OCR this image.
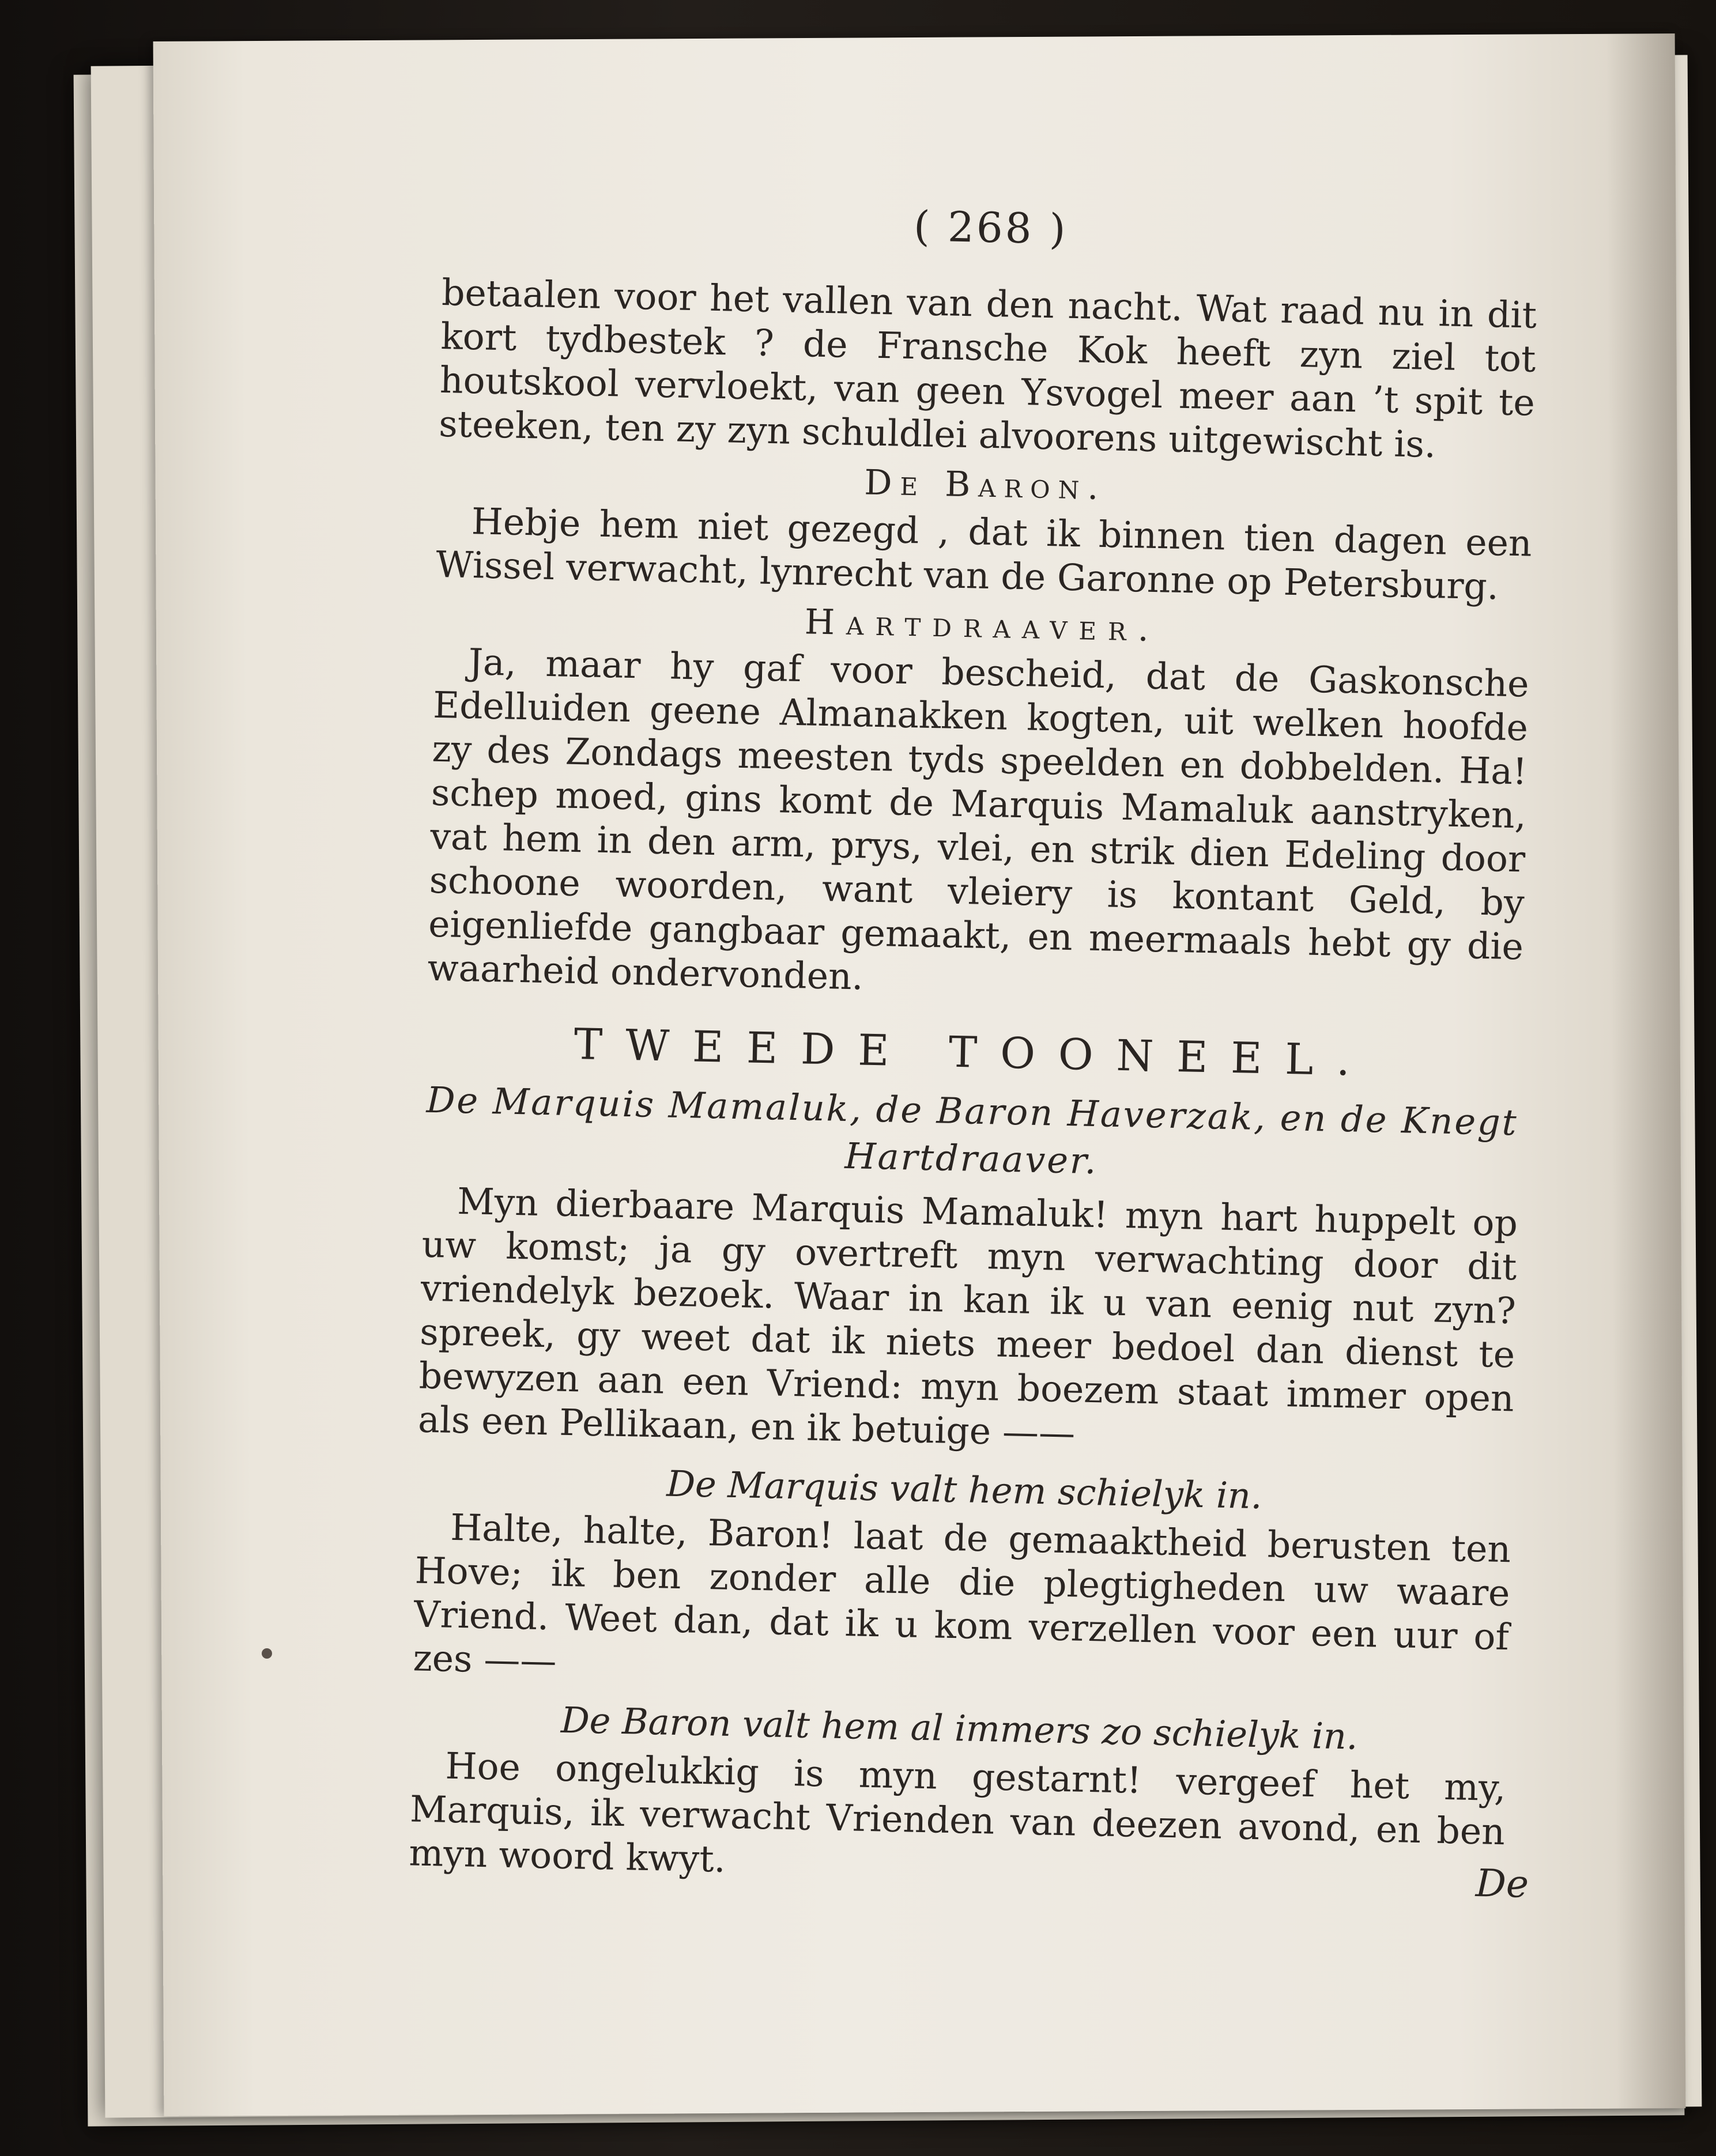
( 268 )
betaalen voor het vallen van den nacht. Wat raad nu in dit kort tydbestek ? de Fransche Kok heeft zyn ziel tot houtskool vervloekt, van geen Ysvogel meer aan ’t spit te steeken, ten zy zyn schuldlei alvoorens uitgewischt is.
De Baron.
Hebje hem niet gezegd , dat ik binnen tien dagen een Wissel verwacht, lynrecht van de Garonne op Petersburg.
Hartdraaver.
Ja, maar hy gaf voor bescheid, dat de Gaskonsche Edelluiden geene Almanakken kogten, uit welken hoofde zy des Zondags meesten tyds speelden en dobbelden. Ha! schep moed, gins komt de Marquis Mamaluk aanstryken, vat hem in den arm, prys, vlei, en strik dien Edeling door schoone woorden, want vleiery is kontant Geld, by eigenliefde gangbaar gemaakt, en meermaals hebt gy die waarheid ondervonden.
TWEEDE TOONEEL.
De Marquis Mamaluk, de Baron Haverzak, en de Knegt Hartdraaver.
Myn dierbaare Marquis Mamaluk! myn hart huppelt op uw komst; ja gy overtreft myn verwachting door dit vriendelyk bezoek. Waar in kan ik u van eenig nut zyn? spreek, gy weet dat ik niets meer bedoel dan dienst te bewyzen aan een Vriend: myn boezem staat immer open als een Pellikaan, en ik betuige ——
De Marquis valt hem schielyk in.
Halte, halte, Baron! laat de gemaaktheid berusten ten Hove; ik ben zonder alle die plegtigheden uw waare Vriend. Weet dan, dat ik u kom verzellen voor een uur of zes ——
De Baron valt hem al immers zo schielyk in.
Hoe ongelukkig is myn gestarnt! vergeef het my, Marquis, ik verwacht Vrienden van deezen avond, en ben myn woord kwyt.
De
